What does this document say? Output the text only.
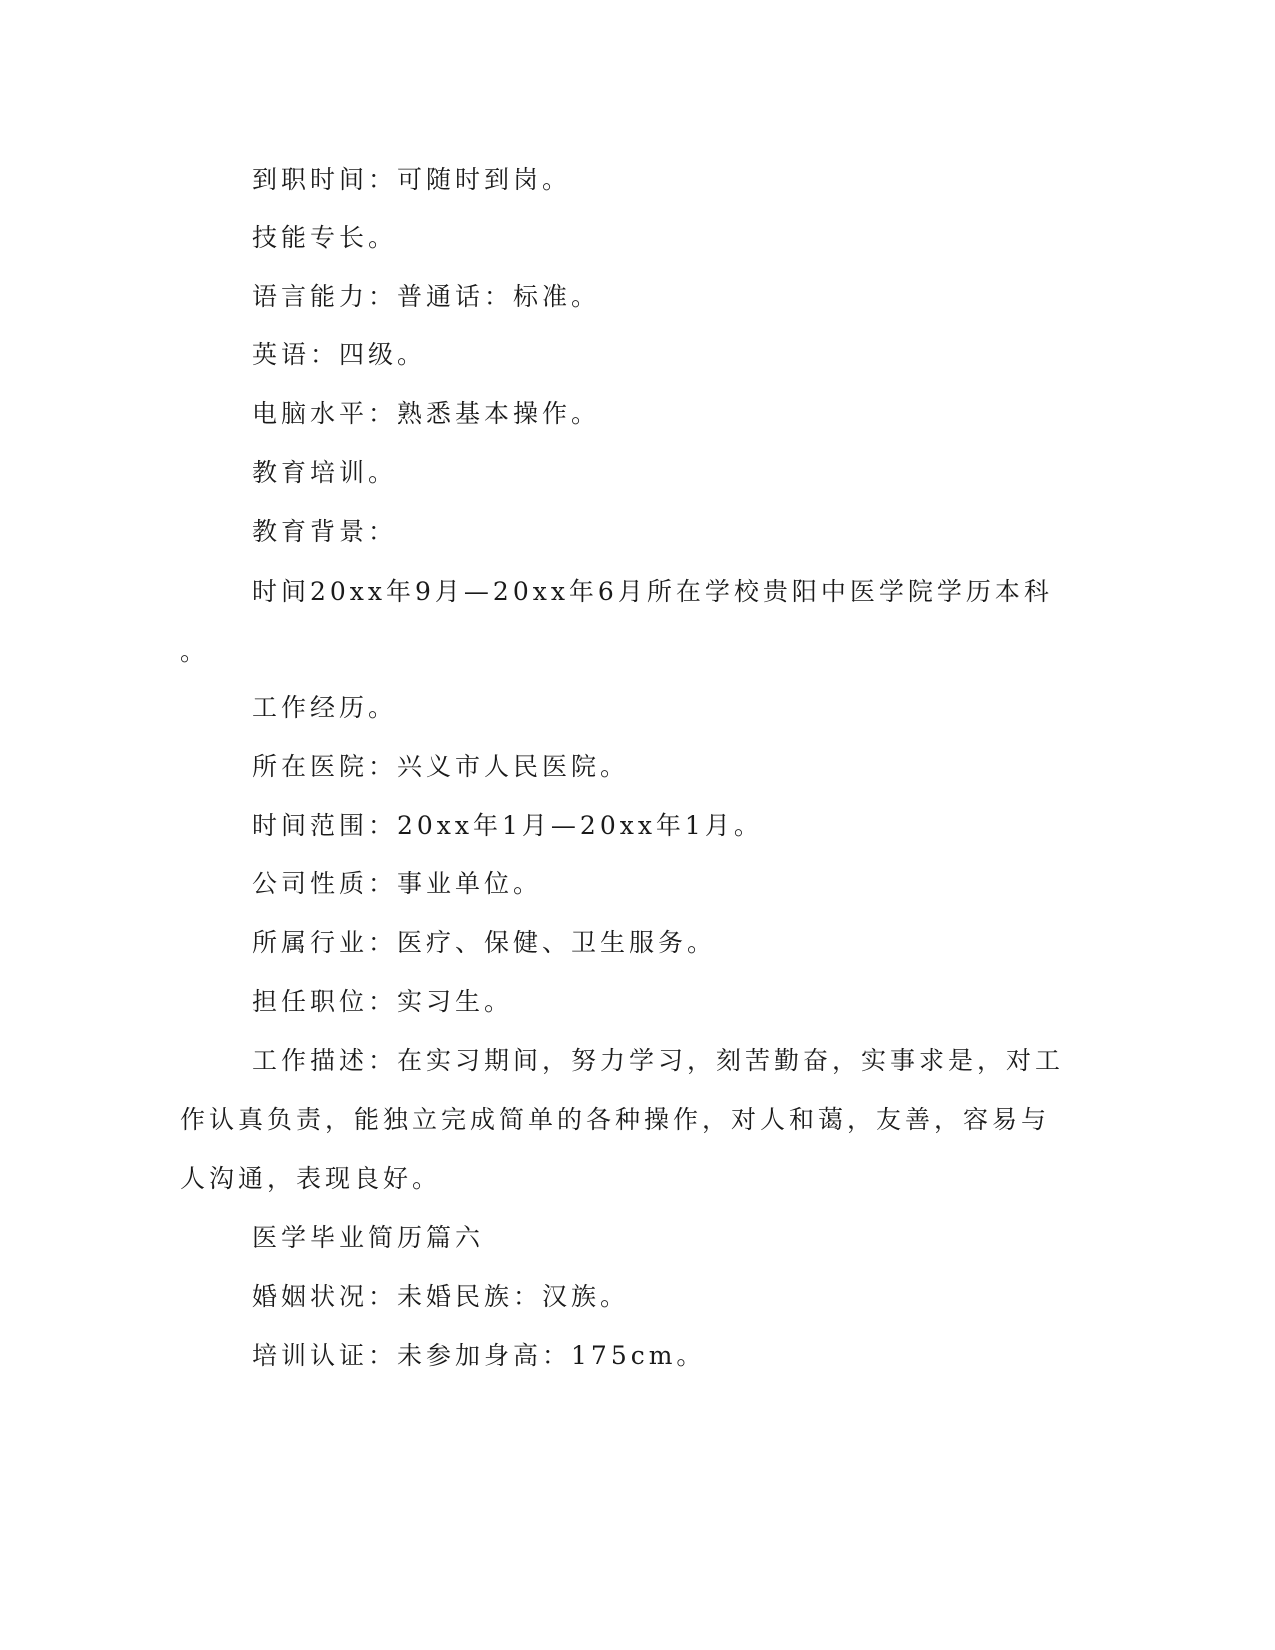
到职时间：可随时到岗。
技能专长。
语言能力：普通话：标准。
英语：四级。
电脑水平：熟悉基本操作。
教育培训。
教育背景：
时间20xx年9月—20xx年6月所在学校贵阳中医学院学历本科
。
工作经历。
所在医院：兴义市人民医院。
时间范围：20xx年1月—20xx年1月。
公司性质：事业单位。
所属行业：医疗、保健、卫生服务。
担任职位：实习生。
工作描述：在实习期间，努力学习，刻苦勤奋，实事求是，对工
作认真负责，能独立完成简单的各种操作，对人和蔼，友善，容易与
人沟通，表现良好。
医学毕业简历篇六
婚姻状况：未婚民族：汉族。
培训认证：未参加身高：175cm。
